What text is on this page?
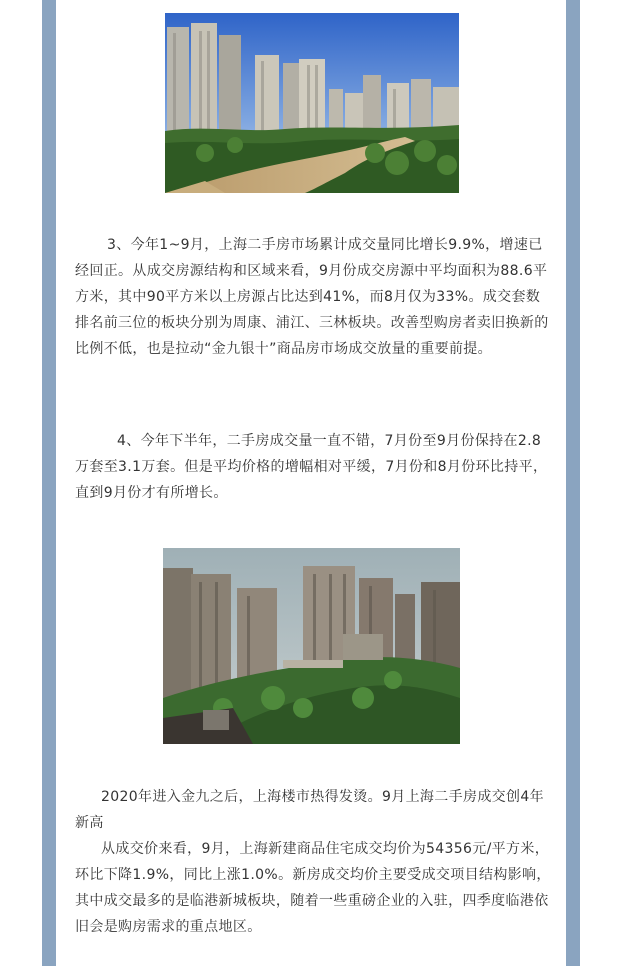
3、今年1~9月，上海二手房市场累计成交量同比增长9.9%，增速已经回正。从成交房源结构和区域来看，9月份成交房源中平均面积为88.6平方米，其中90平方米以上房源占比达到41%，而8月仅为33%。成交套数排名前三位的板块分别为周康、浦江、三林板块。改善型购房者卖旧换新的比例不低，也是拉动“金九银十”商品房市场成交放量的重要前提。

4、今年下半年，二手房成交量一直不错，7月份至9月份保持在2.8万套至3.1万套。但是平均价格的增幅相对平缓，7月份和8月份环比持平，直到9月份才有所增长。

2020年进入金九之后，上海楼市热得发烫。9月上海二手房成交创4年新高

从成交价来看，9月，上海新建商品住宅成交均价为54356元/平方米，环比下降1.9%，同比上涨1.0%。新房成交均价主要受成交项目结构影响，其中成交最多的是临港新城板块，随着一些重磅企业的入驻，四季度临港依旧会是购房需求的重点地区。
